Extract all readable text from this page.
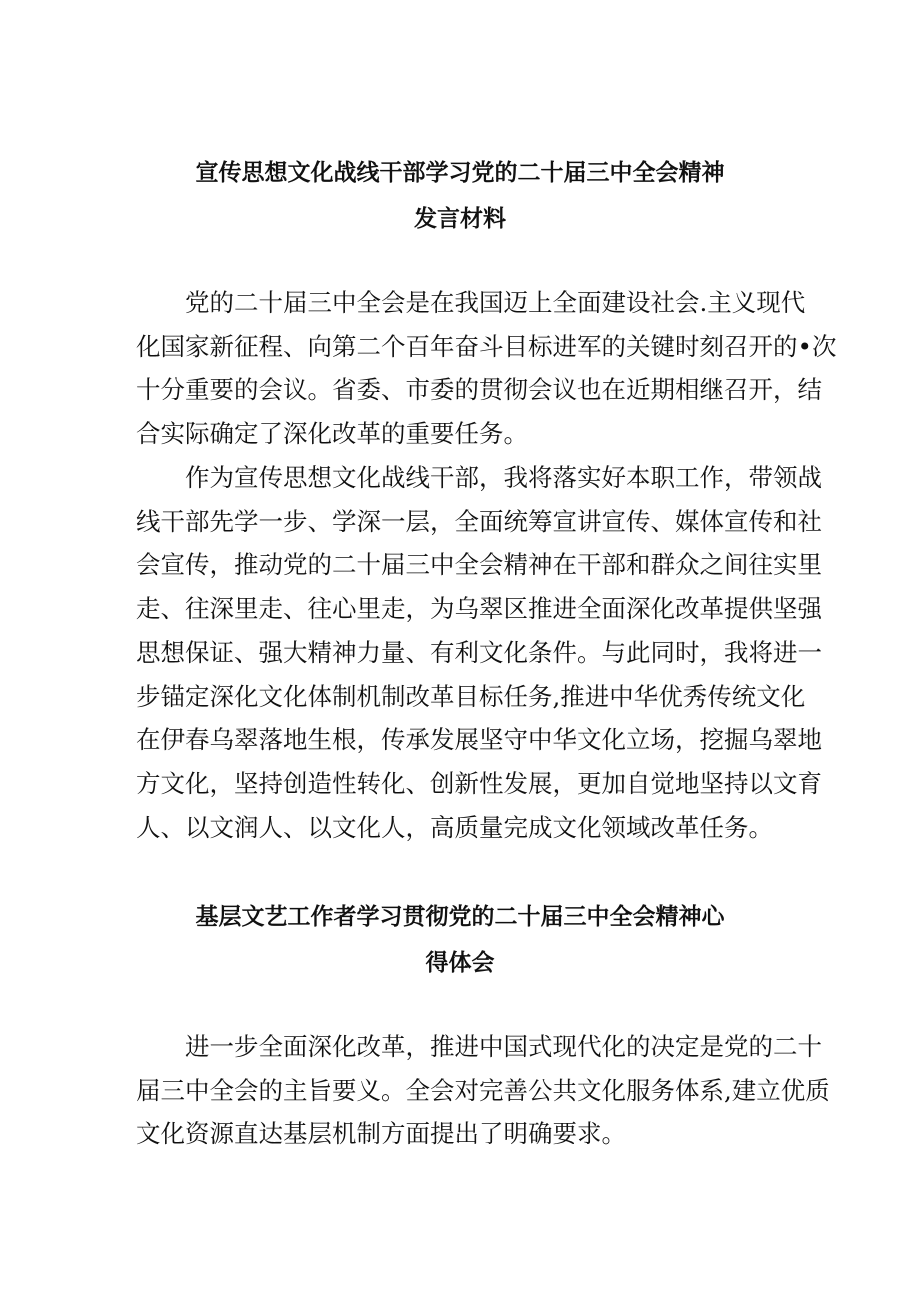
宣传思想文化战线干部学习党的二十届三中全会精神
发言材料

党的二十届三中全会是在我国迈上全面建设社会.主义现代
化国家新征程、向第二个百年奋斗目标进军的关键时刻召开的•次
十分重要的会议。省委、市委的贯彻会议也在近期相继召开，结
合实际确定了深化改革的重要任务。

作为宣传思想文化战线干部，我将落实好本职工作，带领战
线干部先学一步、学深一层，全面统筹宣讲宣传、媒体宣传和社
会宣传，推动党的二十届三中全会精神在干部和群众之间往实里
走、往深里走、往心里走，为乌翠区推进全面深化改革提供坚强
思想保证、强大精神力量、有利文化条件。与此同时，我将进一
步锚定深化文化体制机制改革目标任务,推进中华优秀传统文化
在伊春乌翠落地生根，传承发展坚守中华文化立场，挖掘乌翠地
方文化，坚持创造性转化、创新性发展，更加自觉地坚持以文育
人、以文润人、以文化人，高质量完成文化领域改革任务。

基层文艺工作者学习贯彻党的二十届三中全会精神心
得体会

进一步全面深化改革，推进中国式现代化的决定是党的二十
届三中全会的主旨要义。全会对完善公共文化服务体系,建立优质
文化资源直达基层机制方面提出了明确要求。
